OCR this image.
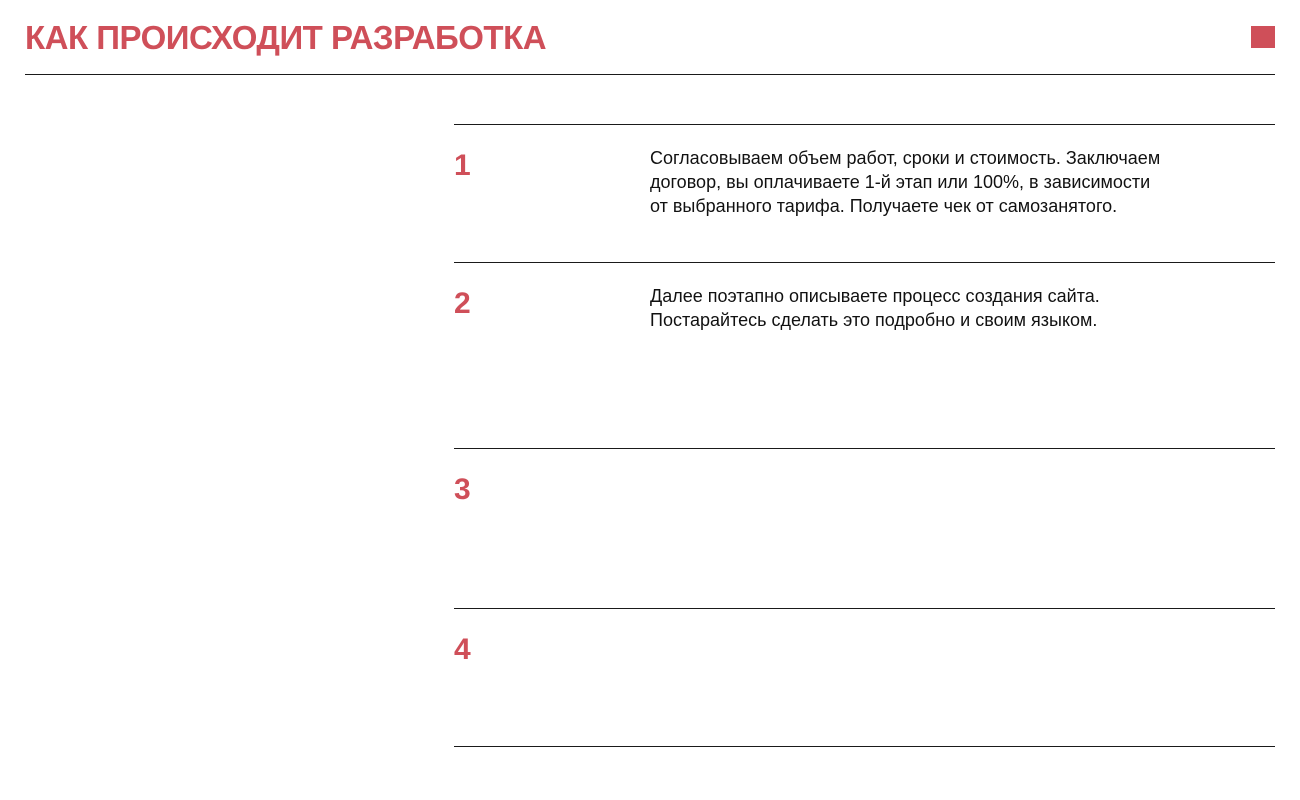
КАК ПРОИСХОДИТ РАЗРАБОТКА
1	Согласовываем объем работ, сроки и стоимость. Заключаем
договор, вы оплачиваете 1-й этап или 100%, в зависимости
от выбранного тарифа. Получаете чек от самозанятого.

2	Далее поэтапно описываете процесс создания сайта.
Постарайтесь сделать это подробно и своим языком.

3

4
